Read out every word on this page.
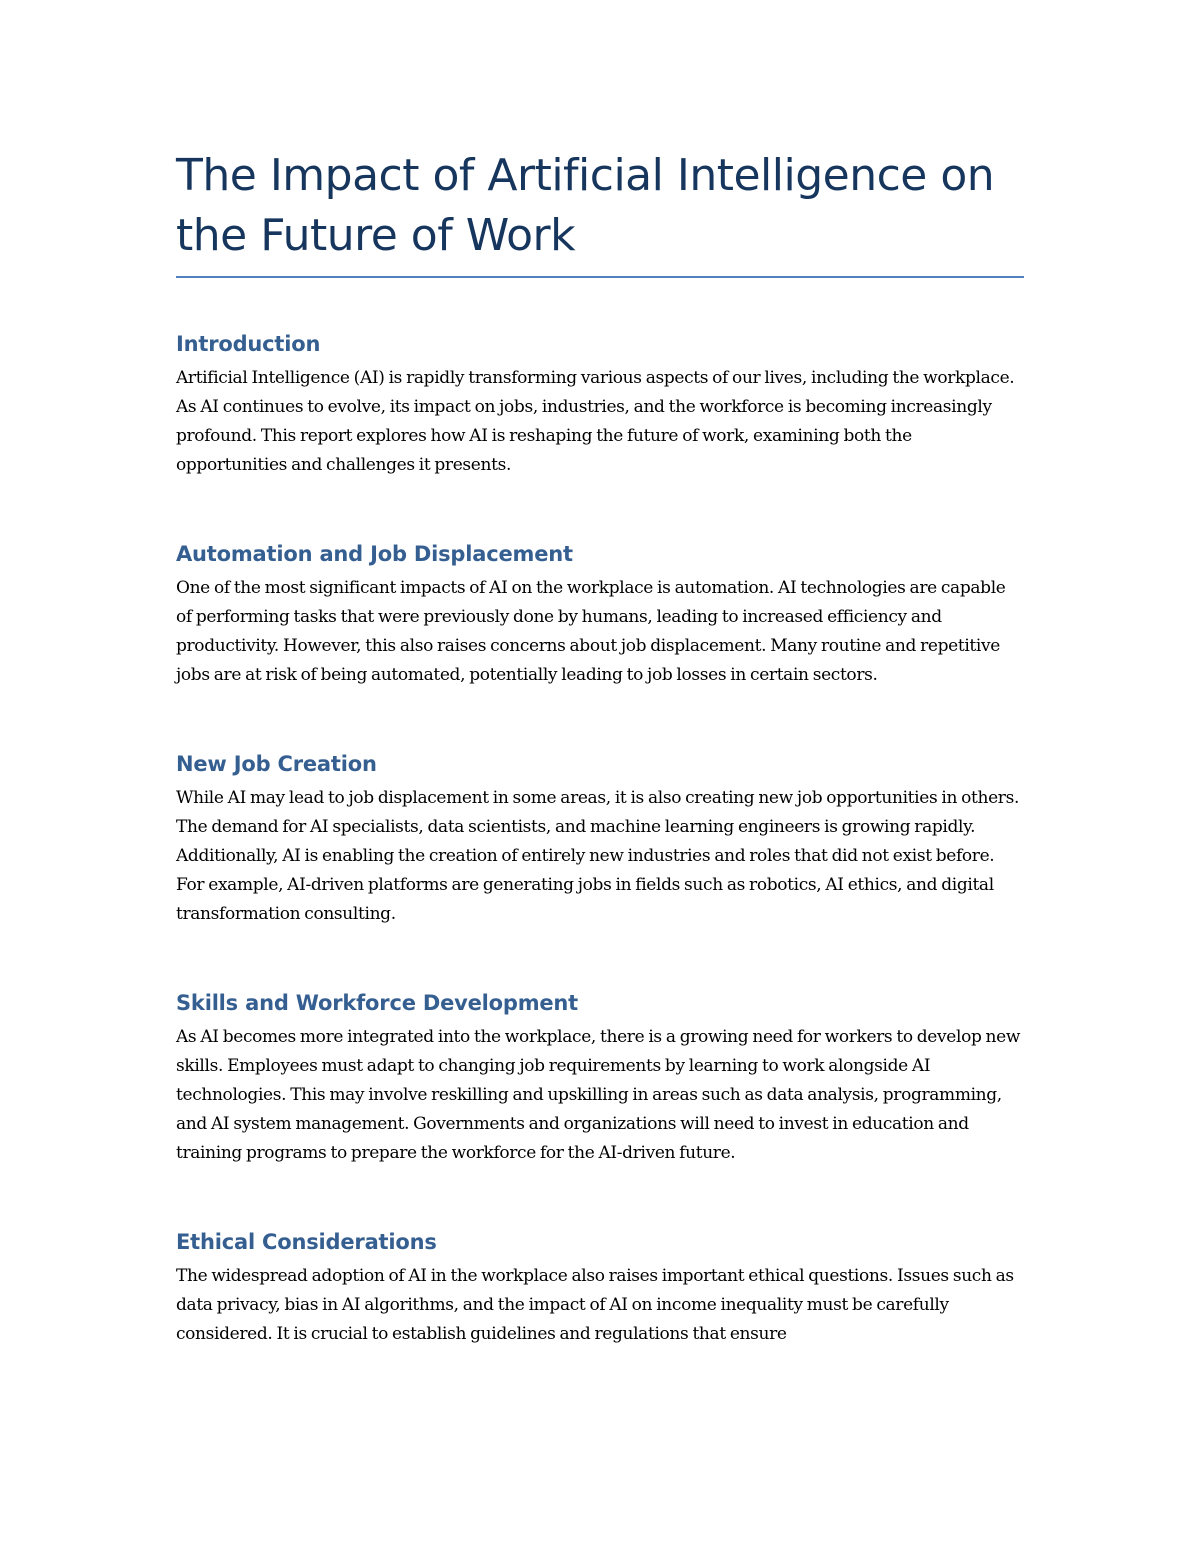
The Impact of Artificial Intelligence on the Future of Work
Introduction

Artificial Intelligence (AI) is rapidly transforming various aspects of our lives, including the workplace. As AI continues to evolve, its impact on jobs, industries, and the workforce is becoming increasingly profound. This report explores how AI is reshaping the future of work, examining both the opportunities and challenges it presents.

Automation and Job Displacement

One of the most significant impacts of AI on the workplace is automation. AI technologies are capable of performing tasks that were previously done by humans, leading to increased efficiency and productivity. However, this also raises concerns about job displacement. Many routine and repetitive jobs are at risk of being automated, potentially leading to job losses in certain sectors.

New Job Creation

While AI may lead to job displacement in some areas, it is also creating new job opportunities in others. The demand for AI specialists, data scientists, and machine learning engineers is growing rapidly. Additionally, AI is enabling the creation of entirely new industries and roles that did not exist before. For example, AI-driven platforms are generating jobs in fields such as robotics, AI ethics, and digital transformation consulting.

Skills and Workforce Development

As AI becomes more integrated into the workplace, there is a growing need for workers to develop new skills. Employees must adapt to changing job requirements by learning to work alongside AI technologies. This may involve reskilling and upskilling in areas such as data analysis, programming, and AI system management. Governments and organizations will need to invest in education and training programs to prepare the workforce for the AI-driven future.

Ethical Considerations

The widespread adoption of AI in the workplace also raises important ethical questions. Issues such as data privacy, bias in AI algorithms, and the impact of AI on income inequality must be carefully considered. It is crucial to establish guidelines and regulations that ensure
